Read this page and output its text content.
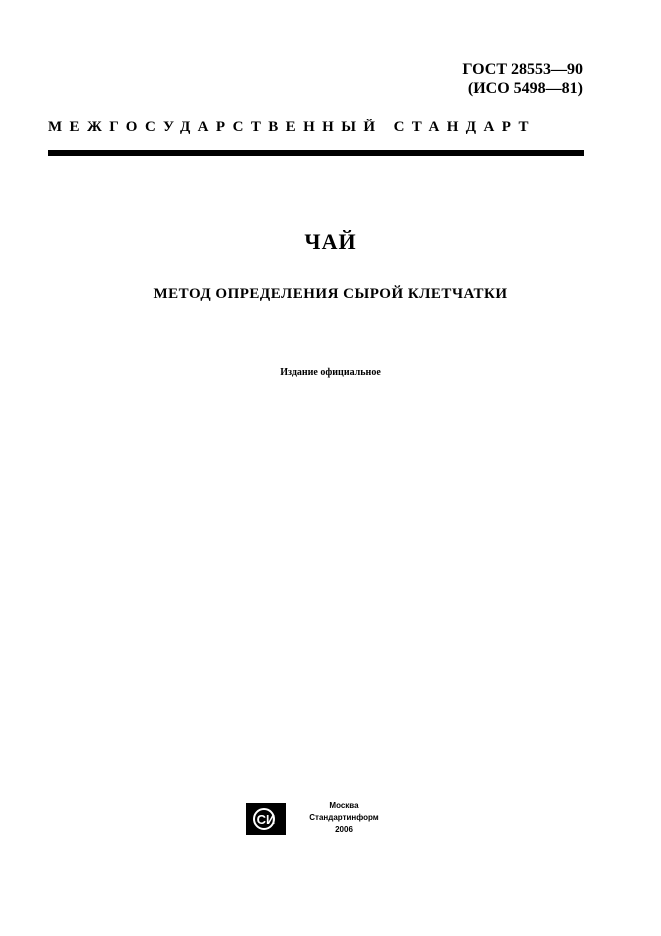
ГОСТ 28553—90
(ИСО 5498—81)
МЕЖГОСУДАРСТВЕННЫЙ СТАНДАРТ
ЧАЙ
МЕТОД ОПРЕДЕЛЕНИЯ СЫРОЙ КЛЕТЧАТКИ
Издание официальное
СИ
Москва
Стандартинформ
2006
